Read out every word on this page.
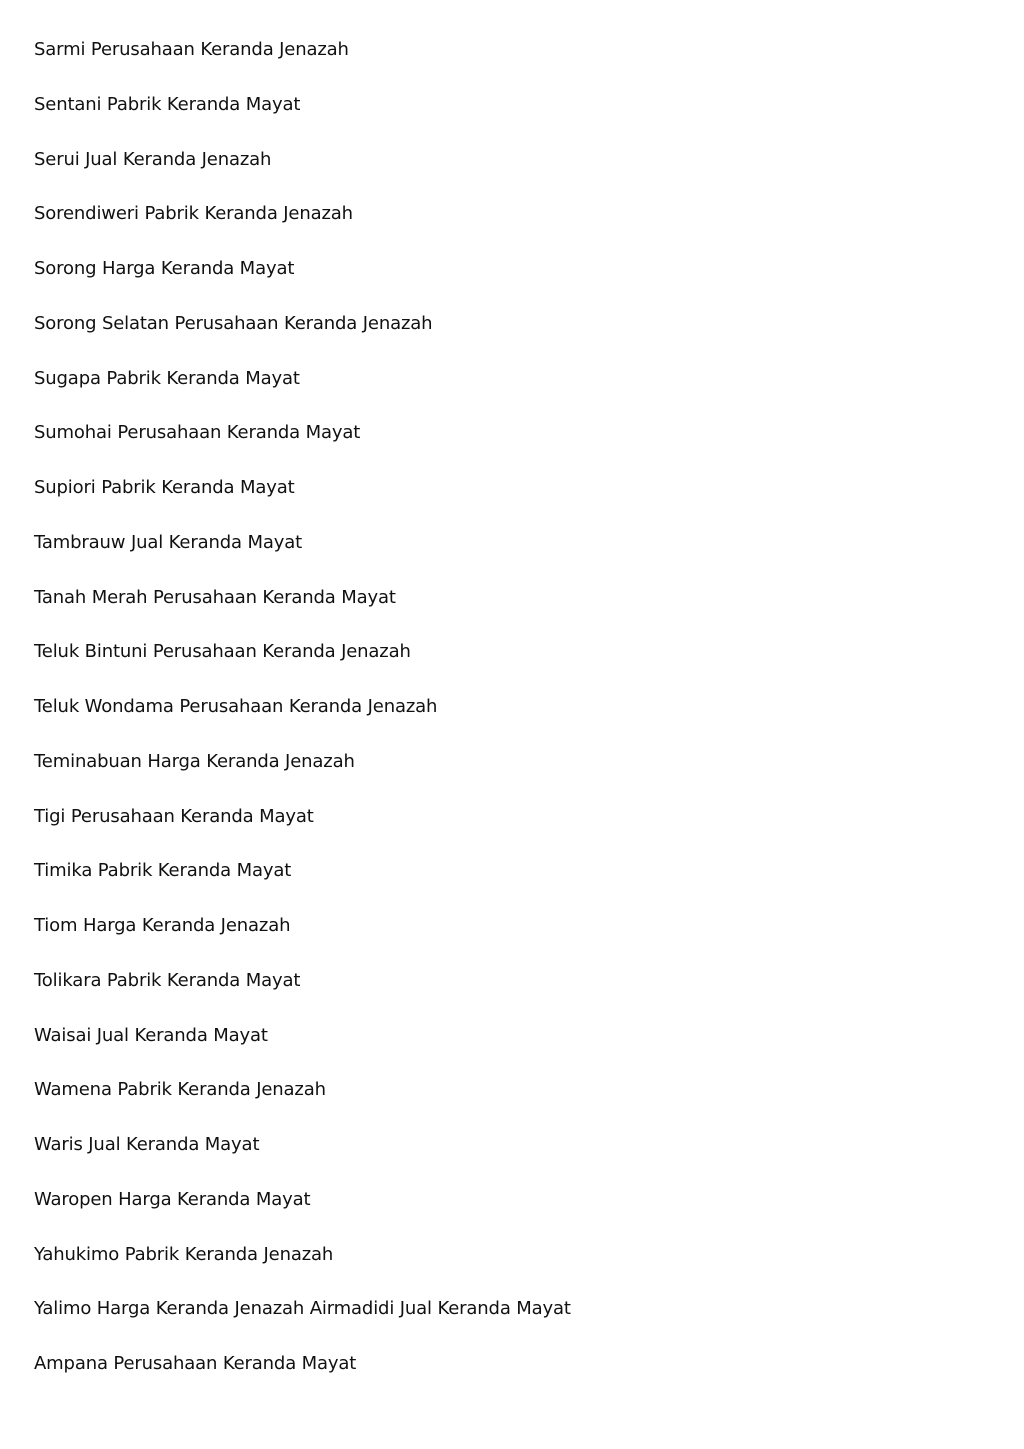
Sarmi Perusahaan Keranda Jenazah
Sentani Pabrik Keranda Mayat
Serui Jual Keranda Jenazah
Sorendiweri Pabrik Keranda Jenazah
Sorong Harga Keranda Mayat
Sorong Selatan Perusahaan Keranda Jenazah
Sugapa Pabrik Keranda Mayat
Sumohai Perusahaan Keranda Mayat
Supiori Pabrik Keranda Mayat
Tambrauw Jual Keranda Mayat
Tanah Merah Perusahaan Keranda Mayat
Teluk Bintuni Perusahaan Keranda Jenazah
Teluk Wondama Perusahaan Keranda Jenazah
Teminabuan Harga Keranda Jenazah
Tigi Perusahaan Keranda Mayat
Timika Pabrik Keranda Mayat
Tiom Harga Keranda Jenazah
Tolikara Pabrik Keranda Mayat
Waisai Jual Keranda Mayat
Wamena Pabrik Keranda Jenazah
Waris Jual Keranda Mayat
Waropen Harga Keranda Mayat
Yahukimo Pabrik Keranda Jenazah
Yalimo Harga Keranda Jenazah Airmadidi Jual Keranda Mayat
Ampana Perusahaan Keranda Mayat
